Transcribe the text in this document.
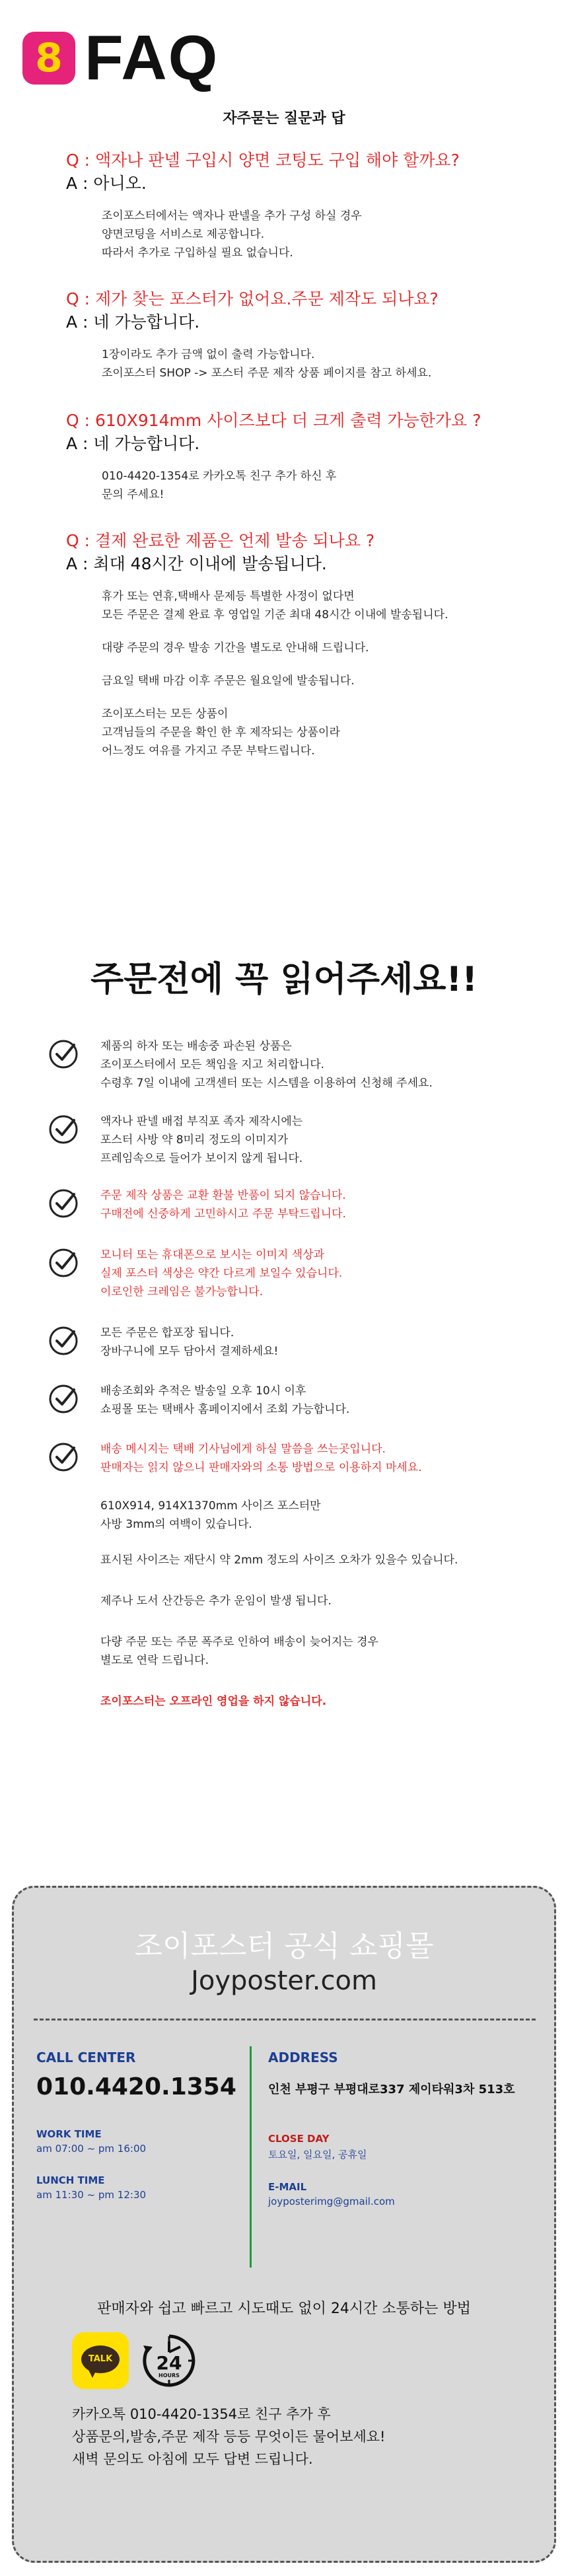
8 FAQ
자주묻는 질문과 답
Q : 액자나 판넬 구입시 양면 코팅도 구입 해야 할까요?
A : 아니오.

조이포스터에서는 액자나 판넬을 추가 구성 하실 경우

양면코팅을 서비스로 제공합니다.

따라서 추가로 구입하실 필요 없습니다.

Q : 제가 찾는 포스터가 없어요.주문 제작도 되나요?
A : 네 가능합니다.

1장이라도 추가 금액 없이 출력 가능합니다.

조이포스터 SHOP -> 포스터 주문 제작 상품 페이지를 참고 하세요.

Q : 610X914mm 사이즈보다 더 크게 출력 가능한가요 ?
A : 네 가능합니다.

010-4420-1354로 카카오톡 친구 추가 하신 후

문의 주세요!

Q : 결제 완료한 제품은 언제 발송 되나요 ?
A : 최대 48시간 이내에 발송됩니다.

휴가 또는 연휴,택배사 문제등 특별한 사정이 없다면

모든 주문은 결제 완료 후 영업일 기준 최대 48시간 이내에 발송됩니다.

대량 주문의 경우 발송 기간을 별도로 안내해 드립니다.

금요일 택배 마감 이후 주문은 월요일에 발송됩니다.

조이포스터는 모든 상품이

고객님들의 주문을 확인 한 후 제작되는 상품이라

어느정도 여유를 가지고 주문 부탁드립니다.

주문전에 꼭 읽어주세요!!

제품의 하자 또는 배송중 파손된 상품은

조이포스터에서 모든 책임을 지고 처리합니다.

수령후 7일 이내에 고객센터 또는 시스템을 이용하여 신청해 주세요.

액자나 판넬 배접 부직포 족자 제작시에는

포스터 사방 약 8미리 정도의 이미지가

프레임속으로 들어가 보이지 않게 됩니다.

주문 제작 상품은 교환 환불 반품이 되지 않습니다.

구매전에 신중하게 고민하시고 주문 부탁드립니다.

모니터 또는 휴대폰으로 보시는 이미지 색상과

실제 포스터 색상은 약간 다르게 보일수 있습니다.

이로인한 크레임은 불가능합니다.

모든 주문은 합포장 됩니다.

장바구니에 모두 담아서 결제하세요!

배송조회와 추적은 발송일 오후 10시 이후

쇼핑몰 또는 택배사 홈페이지에서 조회 가능합니다.

배송 메시지는 택배 기사님에게 하실 말씀을 쓰는곳입니다.

판매자는 읽지 않으니 판매자와의 소통 방법으로 이용하지 마세요.

610X914, 914X1370mm 사이즈 포스터만

사방 3mm의 여백이 있습니다.

표시된 사이즈는 재단시 약 2mm 정도의 사이즈 오차가 있을수 있습니다.

제주나 도서 산간등은 추가 운임이 발생 됩니다.

다량 주문 또는 주문 폭주로 인하여 배송이 늦어지는 경우

별도로 연락 드립니다.

조이포스터는 오프라인 영업을 하지 않습니다.

조이포스터 공식 쇼핑몰
Joyposter.com
CALL CENTER
010.4420.1354
WORK TIME
am 07:00 ~ pm 16:00
LUNCH TIME
am 11:30 ~ pm 12:30
ADDRESS
인천 부평구 부평대로337 제이타워3차 513호
CLOSE DAY
토요일, 일요일, 공휴일
E-MAIL
joyposterimg@gmail.com
판매자와 쉽고 빠르고 시도때도 없이 24시간 소통하는 방법
TALK	24
HOURS

카카오톡 010-4420-1354로 친구 추가 후

상품문의,발송,주문 제작 등등 무엇이든 물어보세요!

새벽 문의도 아침에 모두 답변 드립니다.
